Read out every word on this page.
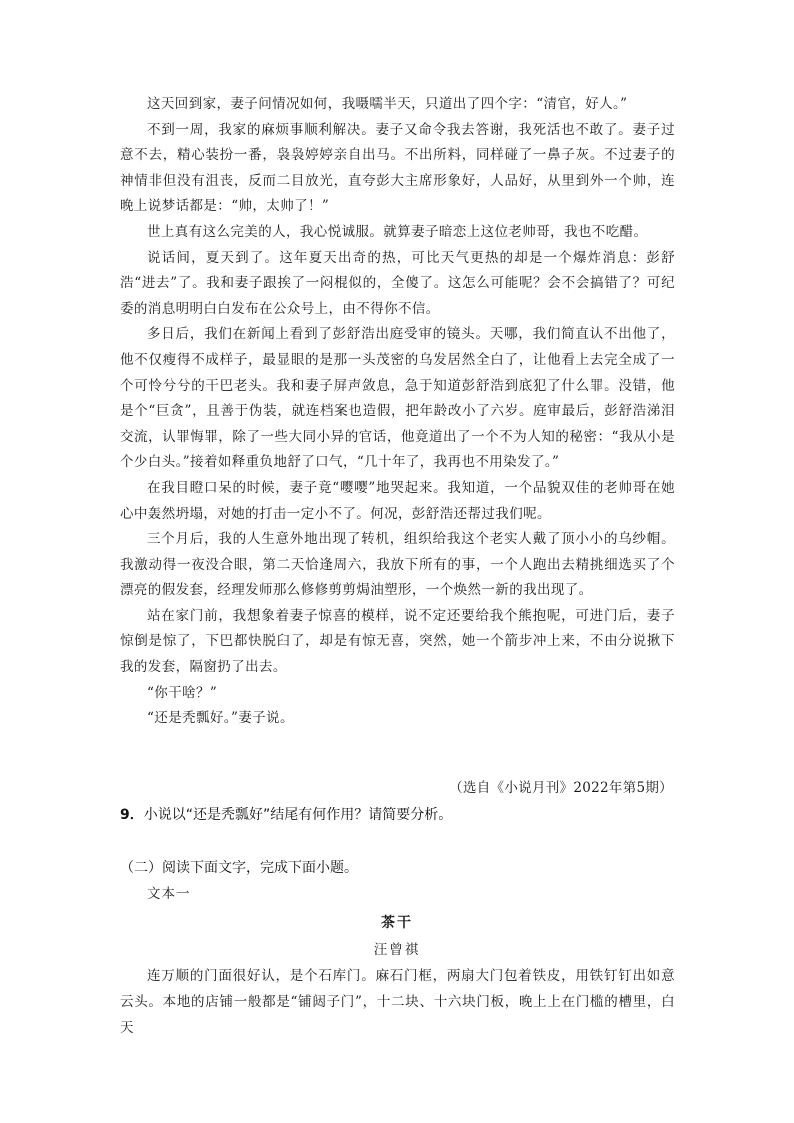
这天回到家，妻子问情况如何，我嗫嚅半天，只道出了四个字：“清官，好人。”

不到一周，我家的麻烦事顺利解决。妻子又命令我去答谢，我死活也不敢了。妻子过意不去，精心装扮一番，袅袅婷婷亲自出马。不出所料，同样碰了一鼻子灰。不过妻子的神情非但没有沮丧，反而二目放光，直夸彭大主席形象好，人品好，从里到外一个帅，连晚上说梦话都是：“帅，太帅了！”

世上真有这么完美的人，我心悦诚服。就算妻子暗恋上这位老帅哥，我也不吃醋。

说话间，夏天到了。这年夏天出奇的热，可比天气更热的却是一个爆炸消息：彭舒浩“进去”了。我和妻子跟挨了一闷棍似的，全傻了。这怎么可能呢？会不会搞错了？可纪委的消息明明白白发布在公众号上，由不得你不信。

多日后，我们在新闻上看到了彭舒浩出庭受审的镜头。天哪，我们简直认不出他了，他不仅瘦得不成样子，最显眼的是那一头茂密的乌发居然全白了，让他看上去完全成了一个可怜兮兮的干巴老头。我和妻子屏声敛息，急于知道彭舒浩到底犯了什么罪。没错，他是个“巨贪”，且善于伪装，就连档案也造假，把年龄改小了六岁。庭审最后，彭舒浩涕泪交流，认罪悔罪，除了一些大同小异的官话，他竟道出了一个不为人知的秘密：“我从小是个少白头。”接着如释重负地舒了口气，“几十年了，我再也不用染发了。”

在我目瞪口呆的时候，妻子竟“嘤嘤”地哭起来。我知道，一个品貌双佳的老帅哥在她心中轰然坍塌，对她的打击一定小不了。何况，彭舒浩还帮过我们呢。

三个月后，我的人生意外地出现了转机，组织给我这个老实人戴了顶小小的乌纱帽。我激动得一夜没合眼，第二天恰逢周六，我放下所有的事，一个人跑出去精挑细选买了个漂亮的假发套，经理发师那么修修剪剪焗油塑形，一个焕然一新的我出现了。

站在家门前，我想象着妻子惊喜的模样，说不定还要给我个熊抱呢，可进门后，妻子惊倒是惊了，下巴都快脱臼了，却是有惊无喜，突然，她一个箭步冲上来，不由分说揪下我的发套，隔窗扔了出去。

“你干啥？”

“还是秃瓢好。”妻子说。

（选自《小说月刊》2022年第5期）
9．小说以“还是秃瓢好”结尾有何作用？请简要分析。
（二）阅读下面文字，完成下面小题。
文本一
茶干
汪曾祺

连万顺的门面很好认，是个石库门。麻石门框，两扇大门包着铁皮，用铁钉钉出如意云头。本地的店铺一般都是“铺闼子门”，十二块、十六块门板，晚上上在门槛的槽里，白天
